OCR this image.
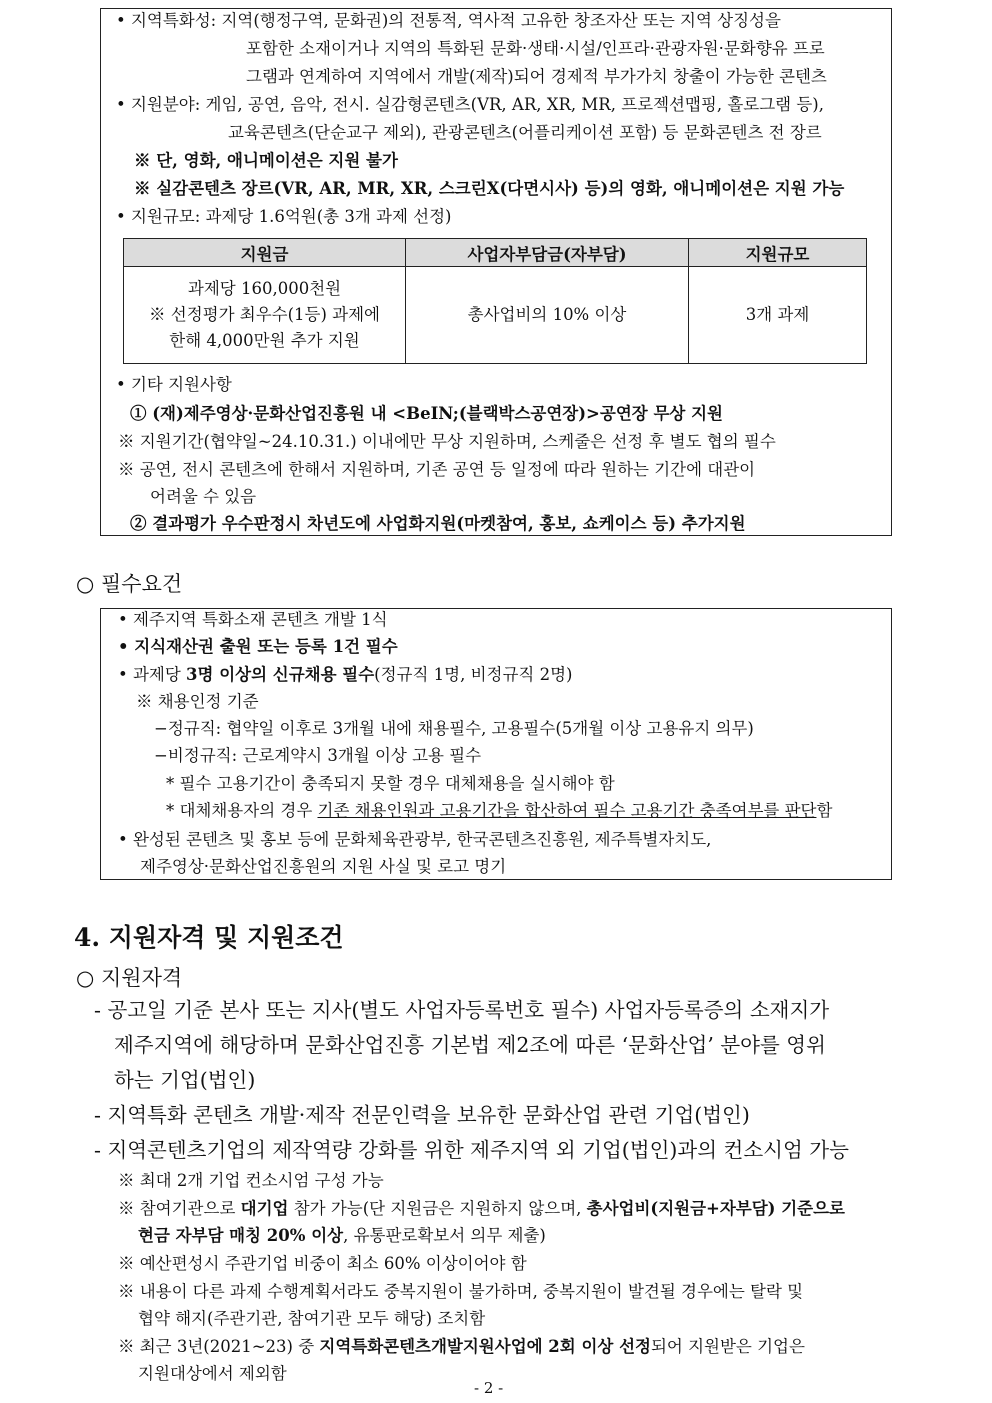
• 지역특화성: 지역(행정구역, 문화권)의 전통적, 역사적 고유한 창조자산 또는 지역 상징성을
포함한 소재이거나 지역의 특화된 문화·생태·시설/인프라·관광자원·문화향유 프로
그램과 연계하여 지역에서 개발(제작)되어 경제적 부가가치 창출이 가능한 콘텐츠
• 지원분야: 게임, 공연, 음악, 전시. 실감형콘텐츠(VR, AR, XR, MR, 프로젝션맵핑, 홀로그램 등),
교육콘텐츠(단순교구 제외), 관광콘텐츠(어플리케이션 포함) 등 문화콘텐츠 전 장르
※ 단, 영화, 애니메이션은 지원 불가
※ 실감콘텐츠 장르(VR, AR, MR, XR, 스크린X(다면시사) 등)의 영화, 애니메이션은 지원 가능
• 지원규모: 과제당 1.6억원(총 3개 과제 선정)
지원금	사업자부담금(자부담)	지원규모

과제당 160,000천원
※ 선정평가 최우수(1등) 과제에
한해 4,000만원 추가 지원	총사업비의 10% 이상	3개 과제
• 기타 지원사항
① (재)제주영상·문화산업진흥원 내 <BeIN;(블랙박스공연장)>공연장 무상 지원
※ 지원기간(협약일~24.10.31.) 이내에만 무상 지원하며, 스케줄은 선정 후 별도 협의 필수
※ 공연, 전시 콘텐츠에 한해서 지원하며, 기존 공연 등 일정에 따라 원하는 기간에 대관이
어려울 수 있음
② 결과평가 우수판정시 차년도에 사업화지원(마켓참여, 홍보, 쇼케이스 등) 추가지원
○ 필수요건
• 제주지역 특화소재 콘텐츠 개발 1식
• 지식재산권 출원 또는 등록 1건 필수
• 과제당 3명 이상의 신규채용 필수(정규직 1명, 비정규직 2명)
※ 채용인정 기준
−정규직: 협약일 이후로 3개월 내에 채용필수, 고용필수(5개월 이상 고용유지 의무)
−비정규직: 근로계약시 3개월 이상 고용 필수
* 필수 고용기간이 충족되지 못할 경우 대체채용을 실시해야 함
* 대체채용자의 경우 기존 채용인원과 고용기간을 합산하여 필수 고용기간 충족여부를 판단함
• 완성된 콘텐츠 및 홍보 등에 문화체육관광부, 한국콘텐츠진흥원, 제주특별자치도,
제주영상·문화산업진흥원의 지원 사실 및 로고 명기
4. 지원자격 및 지원조건
○ 지원자격
- 공고일 기준 본사 또는 지사(별도 사업자등록번호 필수) 사업자등록증의 소재지가
제주지역에 해당하며 문화산업진흥 기본법 제2조에 따른 ‘문화산업’ 분야를 영위
하는 기업(법인)
- 지역특화 콘텐츠 개발·제작 전문인력을 보유한 문화산업 관련 기업(법인)
- 지역콘텐츠기업의 제작역량 강화를 위한 제주지역 외 기업(법인)과의 컨소시엄 가능
※ 최대 2개 기업 컨소시엄 구성 가능
※ 참여기관으로 대기업 참가 가능(단 지원금은 지원하지 않으며, 총사업비(지원금+자부담) 기준으로
현금 자부담 매칭 20% 이상, 유통판로확보서 의무 제출)
※ 예산편성시 주관기업 비중이 최소 60% 이상이어야 함
※ 내용이 다른 과제 수행계획서라도 중복지원이 불가하며, 중복지원이 발견될 경우에는 탈락 및
협약 해지(주관기관, 참여기관 모두 해당) 조치함
※ 최근 3년(2021~23) 중 지역특화콘텐츠개발지원사업에 2회 이상 선정되어 지원받은 기업은
지원대상에서 제외함
- 2 -
